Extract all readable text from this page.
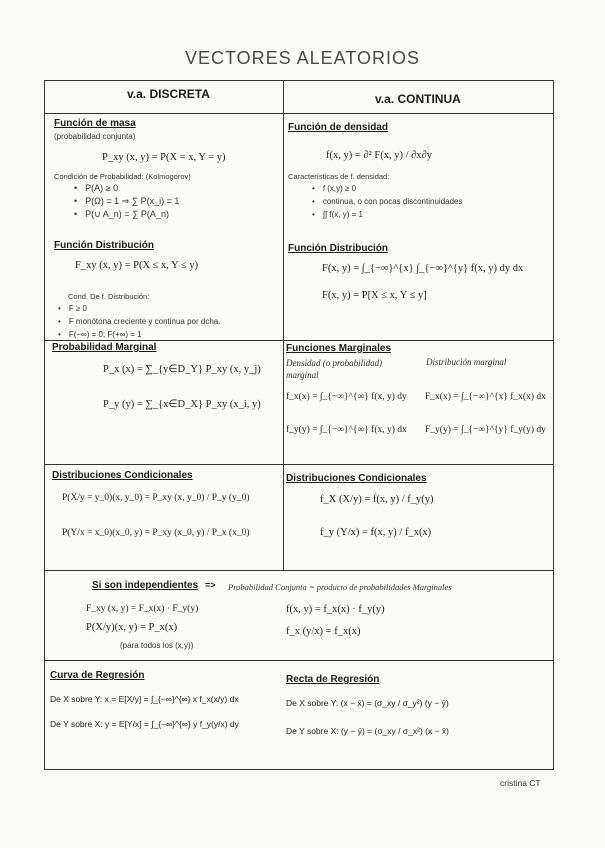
VECTORES ALEATORIOS
v.a. DISCRETA	v.a. CONTINUA
Función de masa
(probabilidad conjunta)
P_xy (x, y) = P(X = x, Y = y)
Condición de Probabilidad: (Kolmogorov)
• P(A) ≥ 0
• P(Ω) = 1 ⇒ ∑ P(x_i) = 1
• P(∪ A_n) = ∑ P(A_n)
Función de densidad
f(x, y) = ∂² F(x, y) / ∂x∂y
Características de f. densidad:
• f (x,y) ≥ 0
• continua, o con pocas discontinuidades
• ∫∫ f(x, y) = 1
Función Distribución
F_xy (x, y) = P(X ≤ x, Y ≤ y)
Cond. De f. Distribución:
• F ≥ 0
• F monótona creciente y continua por dcha.
• F(−∞) = 0; F(+∞) = 1
Función Distribución
F(x, y) = ∫_{−∞}^{x} ∫_{−∞}^{y} f(x, y) dy dx
F(x, y) = P[X ≤ x, Y ≤ y]
Probabilidad Marginal
P_x (x) = ∑_{y∈D_Y} P_xy (x, y_j)
P_y (y) = ∑_{x∈D_X} P_xy (x_i, y)
Funciones Marginales
Densidad (o probabilidad) marginal
Distribución marginal
f_x(x) = ∫_{−∞}^{∞} f(x, y) dy
f_y(y) = ∫_{−∞}^{∞} f(x, y) dx
F_x(x) = ∫_{−∞}^{x} f_x(x) dx
F_y(y) = ∫_{−∞}^{y} f_y(y) dy
Distribuciones Condicionales
P(X/y = y_0)(x, y_0) = P_xy (x, y_0) / P_y (y_0)
P(Y/x = x_0)(x_0, y) = P_xy (x_0, y) / P_x (x_0)
Distribuciones Condicionales
f_X (X/y) = f(x, y) / f_y(y)
f_y (Y/x) = f(x, y) / f_x(x)
Si son independientes => Probabilidad Conjunta = producto de probabilidades Marginales
F_xy (x, y) = F_x(x) · F_y(y)
P(X/y)(x, y) = P_x(x)
(para todos los (x,y))
f(x, y) = f_x(x) · f_y(y)
f_x (y/x) = f_x(x)
Curva de Regresión
De X sobre Y: x = E[X/y] = ∫_{−∞}^{∞} x f_x(x/y) dx
De Y sobre X: y = E[Y/x] = ∫_{−∞}^{∞} y f_y(y/x) dy
Recta de Regresión
De X sobre Y: (x − x̄) = (σ_xy / σ_y²) (y − ȳ)
De Y sobre X: (y − ȳ) = (σ_xy / σ_x²) (x − x̄)
cristina CT
